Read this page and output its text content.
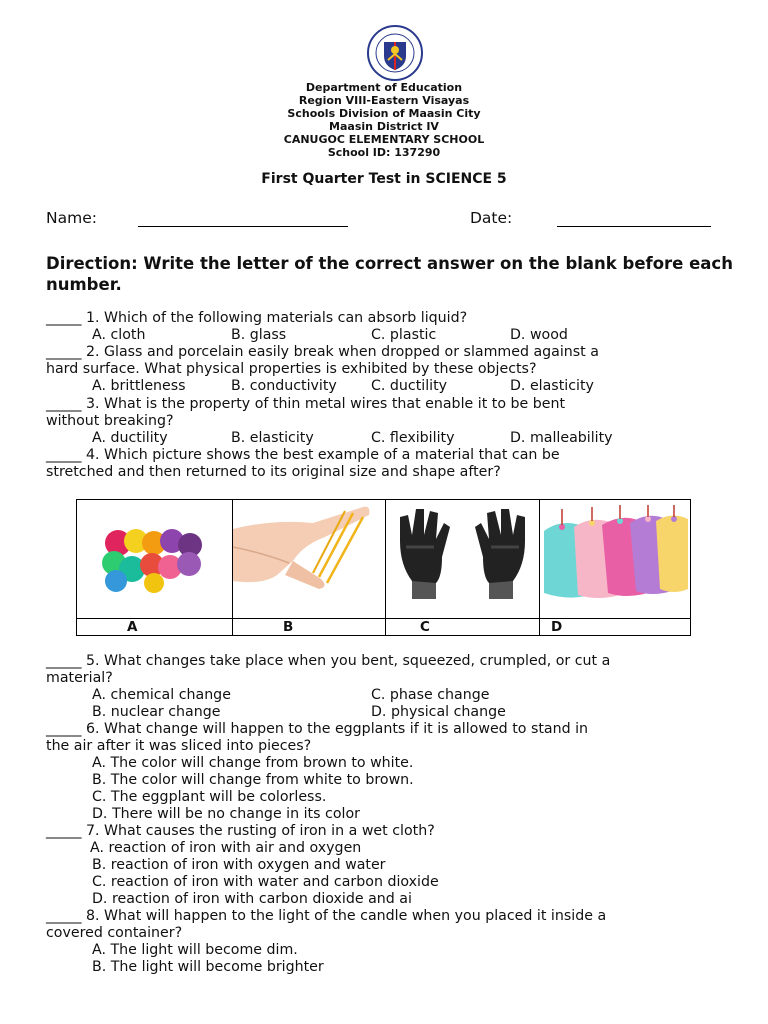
Department of Education
Region VIII-Eastern Visayas
Schools Division of Maasin City
Maasin District IV
CANUGOC ELEMENTARY SCHOOL
School ID: 137290
First Quarter Test in SCIENCE 5
Name:	Date:
Direction: Write the letter of the correct answer on the blank before each number.
_____ 1. Which of the following materials can absorb liquid?
A. cloth	B. glass	C. plastic	D. wood
_____ 2. Glass and porcelain easily break when dropped or slammed against a
hard surface. What physical properties is exhibited by these objects?
A. brittleness	B. conductivity C. ductility	D. elasticity
_____ 3. What is the property of thin metal wires that enable it to be bent
without breaking?
A. ductility	B. elasticity	C. flexibility	D. malleability
_____ 4. Which picture shows the best example of a material that can be
stretched and then returned to its original size and shape after?
A	B	C	D
_____ 5. What changes take place when you bent, squeezed, crumpled, or cut a
material?
A. chemical change	C. phase change
B. nuclear change	D. physical change
_____ 6. What change will happen to the eggplants if it is allowed to stand in
the air after it was sliced into pieces?
A. The color will change from brown to white.
B. The color will change from white to brown.
C. The eggplant will be colorless.
D. There will be no change in its color
_____ 7. What causes the rusting of iron in a wet cloth?
A. reaction of iron with air and oxygen
B. reaction of iron with oxygen and water
C. reaction of iron with water and carbon dioxide
D. reaction of iron with carbon dioxide and ai
_____ 8. What will happen to the light of the candle when you placed it inside a
covered container?
A. The light will become dim.
B. The light will become brighter
